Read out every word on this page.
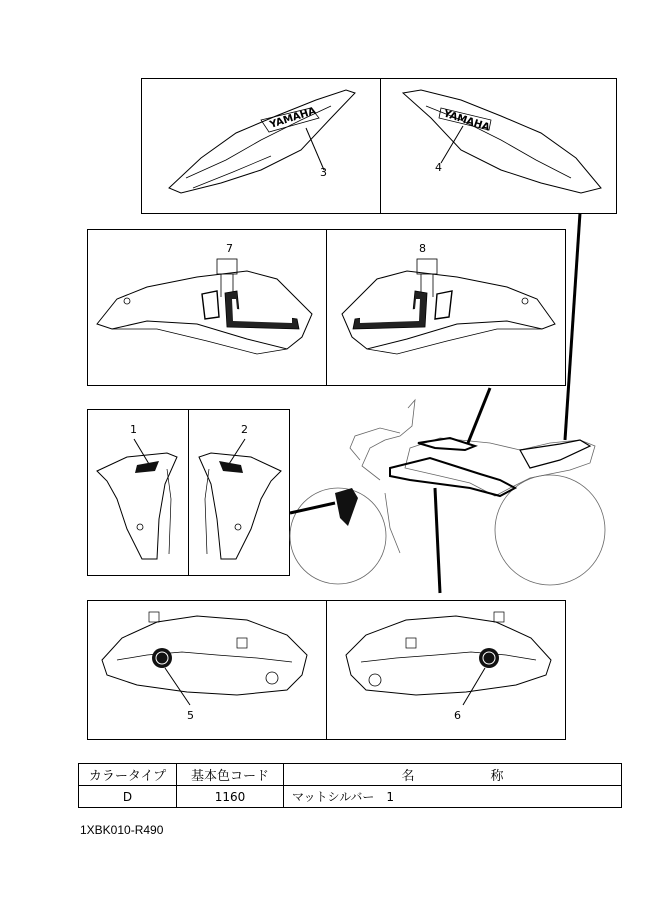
YAMAHA
3
YAMAHA
4
7	8
1	2
5	6
カラータイプ	基本色コード	名 称
D	1160	マットシルバー　1
1XBK010-R490
